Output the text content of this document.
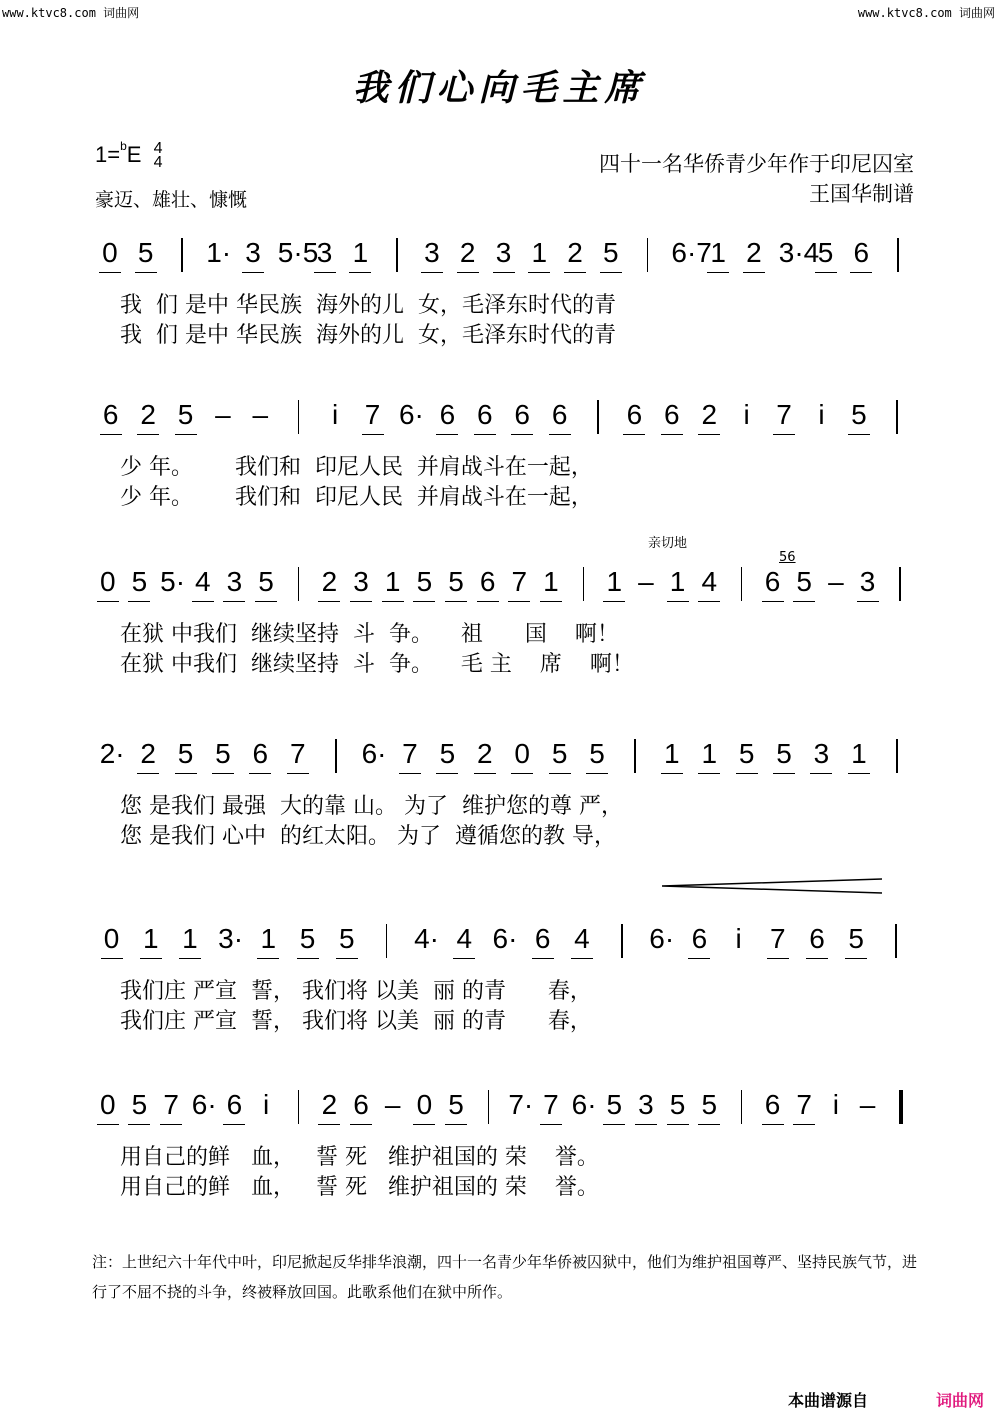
www.ktvc8.com 词曲网	www.ktvc8.com 词曲网
我们心向毛主席
1=$^b$E 4
4
豪迈、雄壮、慷慨
四十一名华侨青少年作于印尼囚室
王国华制谱
0 5 1· 3 5·5
3 1 3 2 3 1 2 5 6·7
1 2 3·4
5 6
我  们 是中 华民族  海外的儿  女，毛泽东时代的青
我  们 是中 华民族  海外的儿  女，毛泽东时代的青
6 2 5 – – i 7 6· 6 6 6 6 6 6 2 i 7 i 5
少 年。      我们和  印尼人民  并肩战斗在一起，
少 年。      我们和  印尼人民  并肩战斗在一起，
0 5 5· 4 3 5 2 3 1 5 5 6 7 1 1 – 1 4 6 5 – 3
在狱 中我们  继续坚持  斗  争。    祖      国    啊！
在狱 中我们  继续坚持  斗  争。    毛 主    席    啊！
2· 2 5 5 6 7 6· 7 5 2 0 5 5 1 1 5 5 3 1
您 是我们 最强  大的靠 山。 为了  维护您的尊 严，
您 是我们 心中  的红太阳。 为了  遵循您的教 导，
0 1 1 3· 1 5 5 4· 4 6· 6 4 6· 6 i 7 6 5
我们庄 严宣  誓， 我们将 以美  丽 的青      春，
我们庄 严宣  誓， 我们将 以美  丽 的青      春，
0 5 7 6· 6 i 2 6 – 0 5 7· 7 6· 5 3 5 5 6 7 i –
用自己的鲜   血，   誓 死   维护祖国的 荣    誉。
用自己的鲜   血，   誓 死   维护祖国的 荣    誉。
注：上世纪六十年代中叶，印尼掀起反华排华浪潮，四十一名青少年华侨被囚狱中，他们为维护祖国尊严、坚持民族气节，进行了不屈不挠的斗争，终被释放回国。此歌系他们在狱中所作。
本曲谱源自	词曲网
亲切地
56
